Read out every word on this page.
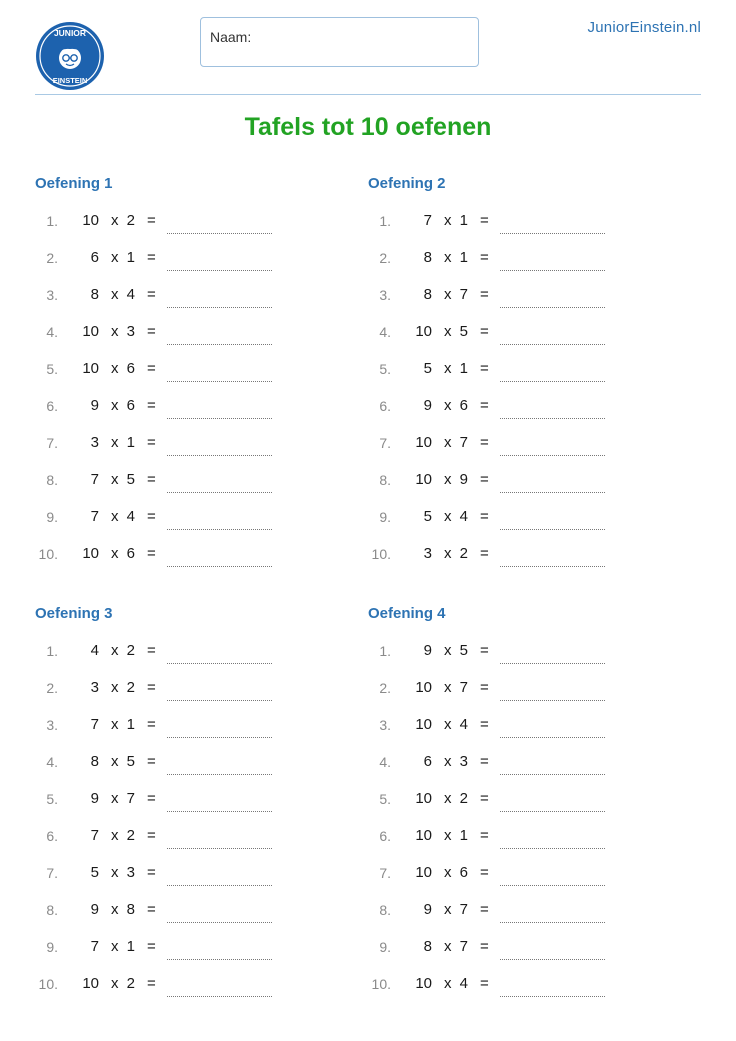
JUNIOR
EINSTEIN
Naam:
JuniorEinstein.nl
Tafels tot 10 oefenen
Oefening 1
1.	10 x 2 =
2.	6 x 1 =
3.	8 x 4 =
4.	10 x 3 =
5.	10 x 6 =
6.	9 x 6 =
7.	3 x 1 =
8.	7 x 5 =
9.	7 x 4 =
10.	10 x 6 =
Oefening 2
1.	7 x 1 =
2.	8 x 1 =
3.	8 x 7 =
4.	10 x 5 =
5.	5 x 1 =
6.	9 x 6 =
7.	10 x 7 =
8.	10 x 9 =
9.	5 x 4 =
10.	3 x 2 =
Oefening 3
1.	4 x 2 =
2.	3 x 2 =
3.	7 x 1 =
4.	8 x 5 =
5.	9 x 7 =
6.	7 x 2 =
7.	5 x 3 =
8.	9 x 8 =
9.	7 x 1 =
10.	10 x 2 =
Oefening 4
1.	9 x 5 =
2.	10 x 7 =
3.	10 x 4 =
4.	6 x 3 =
5.	10 x 2 =
6.	10 x 1 =
7.	10 x 6 =
8.	9 x 7 =
9.	8 x 7 =
10.	10 x 4 =
